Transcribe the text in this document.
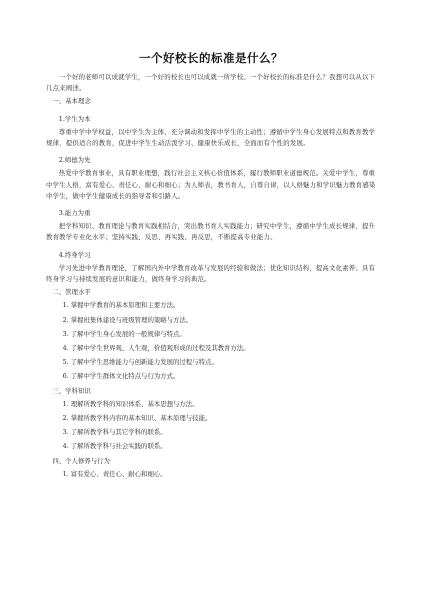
一个好校长的标准是什么？

一个好的老师可以成就学生，一个好的校长也可以成就一所学校。一个好校长的标准是什么？我想可以从以下几点来阐述。

一、基本理念
1.学生为本

尊重中学中学权益，以中学生为主体，充分调动和发挥中学生的主动性；遵循中学生身心发展特点和教育教学规律，提供适合的教育，促进中学生生动活泼学习、健康快乐成长，全面而有个性的发展。

2.师德为先

热爱中学教育事业，具有职业理想，践行社会主义核心价值体系，履行教师职业道德规范。关爱中学生，尊重中学生人格，富有爱心、责任心、耐心和细心；为人师表，教书育人，自尊自律，以人格魅力和学识魅力教育感染中学生，做中学生健康成长的指导者和引路人。

3.能力为重

把学科知识、教育理论与教育实践相结合，突出教书育人实践能力；研究中学生，遵循中学生成长规律，提升教育教学专业化水平；坚持实践、反思、再实践、再反思，不断提高专业能力。

4.终身学习

学习先进中学教育理论，了解国内外中学教育改革与发展的经验和做法；优化知识结构，提高文化素养；具有终身学习与持续发展的意识和能力，做终身学习的典范。

二、管理水平
1. 掌握中学教育的基本原理和主要方法。
2. 掌握班集体建设与班级管理的策略与方法。
3. 了解中学生身心发展的一般规律与特点。
4. 了解中学生世界观、人生观，价值观形成的过程及其教育方法。
5. 了解中学生思维能力与创新能力发展的过程与特点。
6. 了解中学生群体文化特点与行为方式。
三、学科知识
1. 理解所教学科的知识体系、基本思想与方法。
2. 掌握所教学科内容的基本知识、基本原理与技能。
3. 了解所教学科与其它学科的联系。
4. 了解所教学科与社会实践的联系。
四、个人修养与行为
1. 富有爱心、责任心、耐心和细心。
